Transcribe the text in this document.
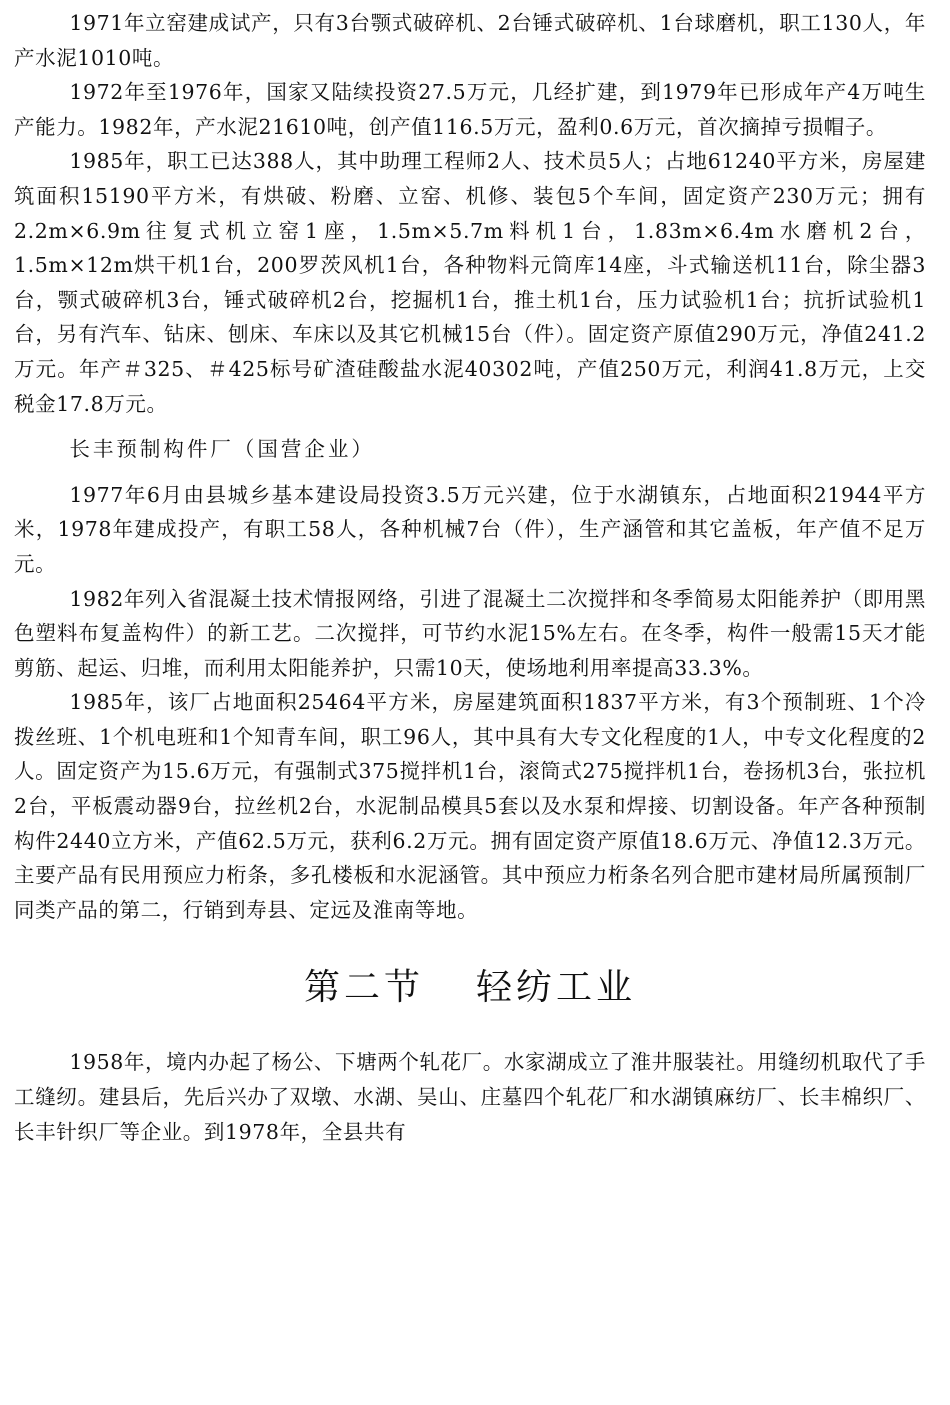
1971年立窑建成试产，只有3台颚式破碎机、2台锤式破碎机、1台球磨机，职工130人，年产水泥1010吨。

1972年至1976年，国家又陆续投资27.5万元，几经扩建，到1979年已形成年产4万吨生产能力。1982年，产水泥21610吨，创产值116.5万元，盈利0.6万元，首次摘掉亏损帽子。

1985年，职工已达388人，其中助理工程师2人、技术员5人；占地61240平方米，房屋建筑面积15190平方米，有烘破、粉磨、立窑、机修、装包5个车间，固定资产230万元；拥有2.2m×6.9m往复式机立窑1座，1.5m×5.7m料机1台，1.83m×6.4m水磨机2台，1.5m×12m烘干机1台，200罗茨风机1台，各种物料元筒库14座，斗式输送机11台，除尘器3台，颚式破碎机3台，锤式破碎机2台，挖掘机1台，推土机1台，压力试验机1台；抗折试验机1台，另有汽车、钻床、刨床、车床以及其它机械15台（件）。固定资产原值290万元，净值241.2万元。年产＃325、＃425标号矿渣硅酸盐水泥40302吨，产值250万元，利润41.8万元，上交税金17.8万元。

长丰预制构件厂（国营企业）

1977年6月由县城乡基本建设局投资3.5万元兴建，位于水湖镇东，占地面积21944平方米，1978年建成投产，有职工58人，各种机械7台（件），生产涵管和其它盖板，年产值不足万元。

1982年列入省混凝土技术情报网络，引进了混凝土二次搅拌和冬季简易太阳能养护（即用黑色塑料布复盖构件）的新工艺。二次搅拌，可节约水泥15%左右。在冬季，构件一般需15天才能剪筋、起运、归堆，而利用太阳能养护，只需10天，使场地利用率提高33.3%。

1985年，该厂占地面积25464平方米，房屋建筑面积1837平方米，有3个预制班、1个冷拨丝班、1个机电班和1个知青车间，职工96人，其中具有大专文化程度的1人，中专文化程度的2人。固定资产为15.6万元，有强制式375搅拌机1台，滚筒式275搅拌机1台，卷扬机3台，张拉机2台，平板震动器9台，拉丝机2台，水泥制品模具5套以及水泵和焊接、切割设备。年产各种预制构件2440立方米，产值62.5万元，获利6.2万元。拥有固定资产原值18.6万元、净值12.3万元。主要产品有民用预应力桁条，多孔楼板和水泥涵管。其中预应力桁条名列合肥市建材局所属预制厂同类产品的第二，行销到寿县、定远及淮南等地。

第二节 轻纺工业

1958年，境内办起了杨公、下塘两个轧花厂。水家湖成立了淮井服装社。用缝纫机取代了手工缝纫。建县后，先后兴办了双墩、水湖、吴山、庄墓四个轧花厂和水湖镇麻纺厂、长丰棉织厂、长丰针织厂等企业。到1978年，全县共有
